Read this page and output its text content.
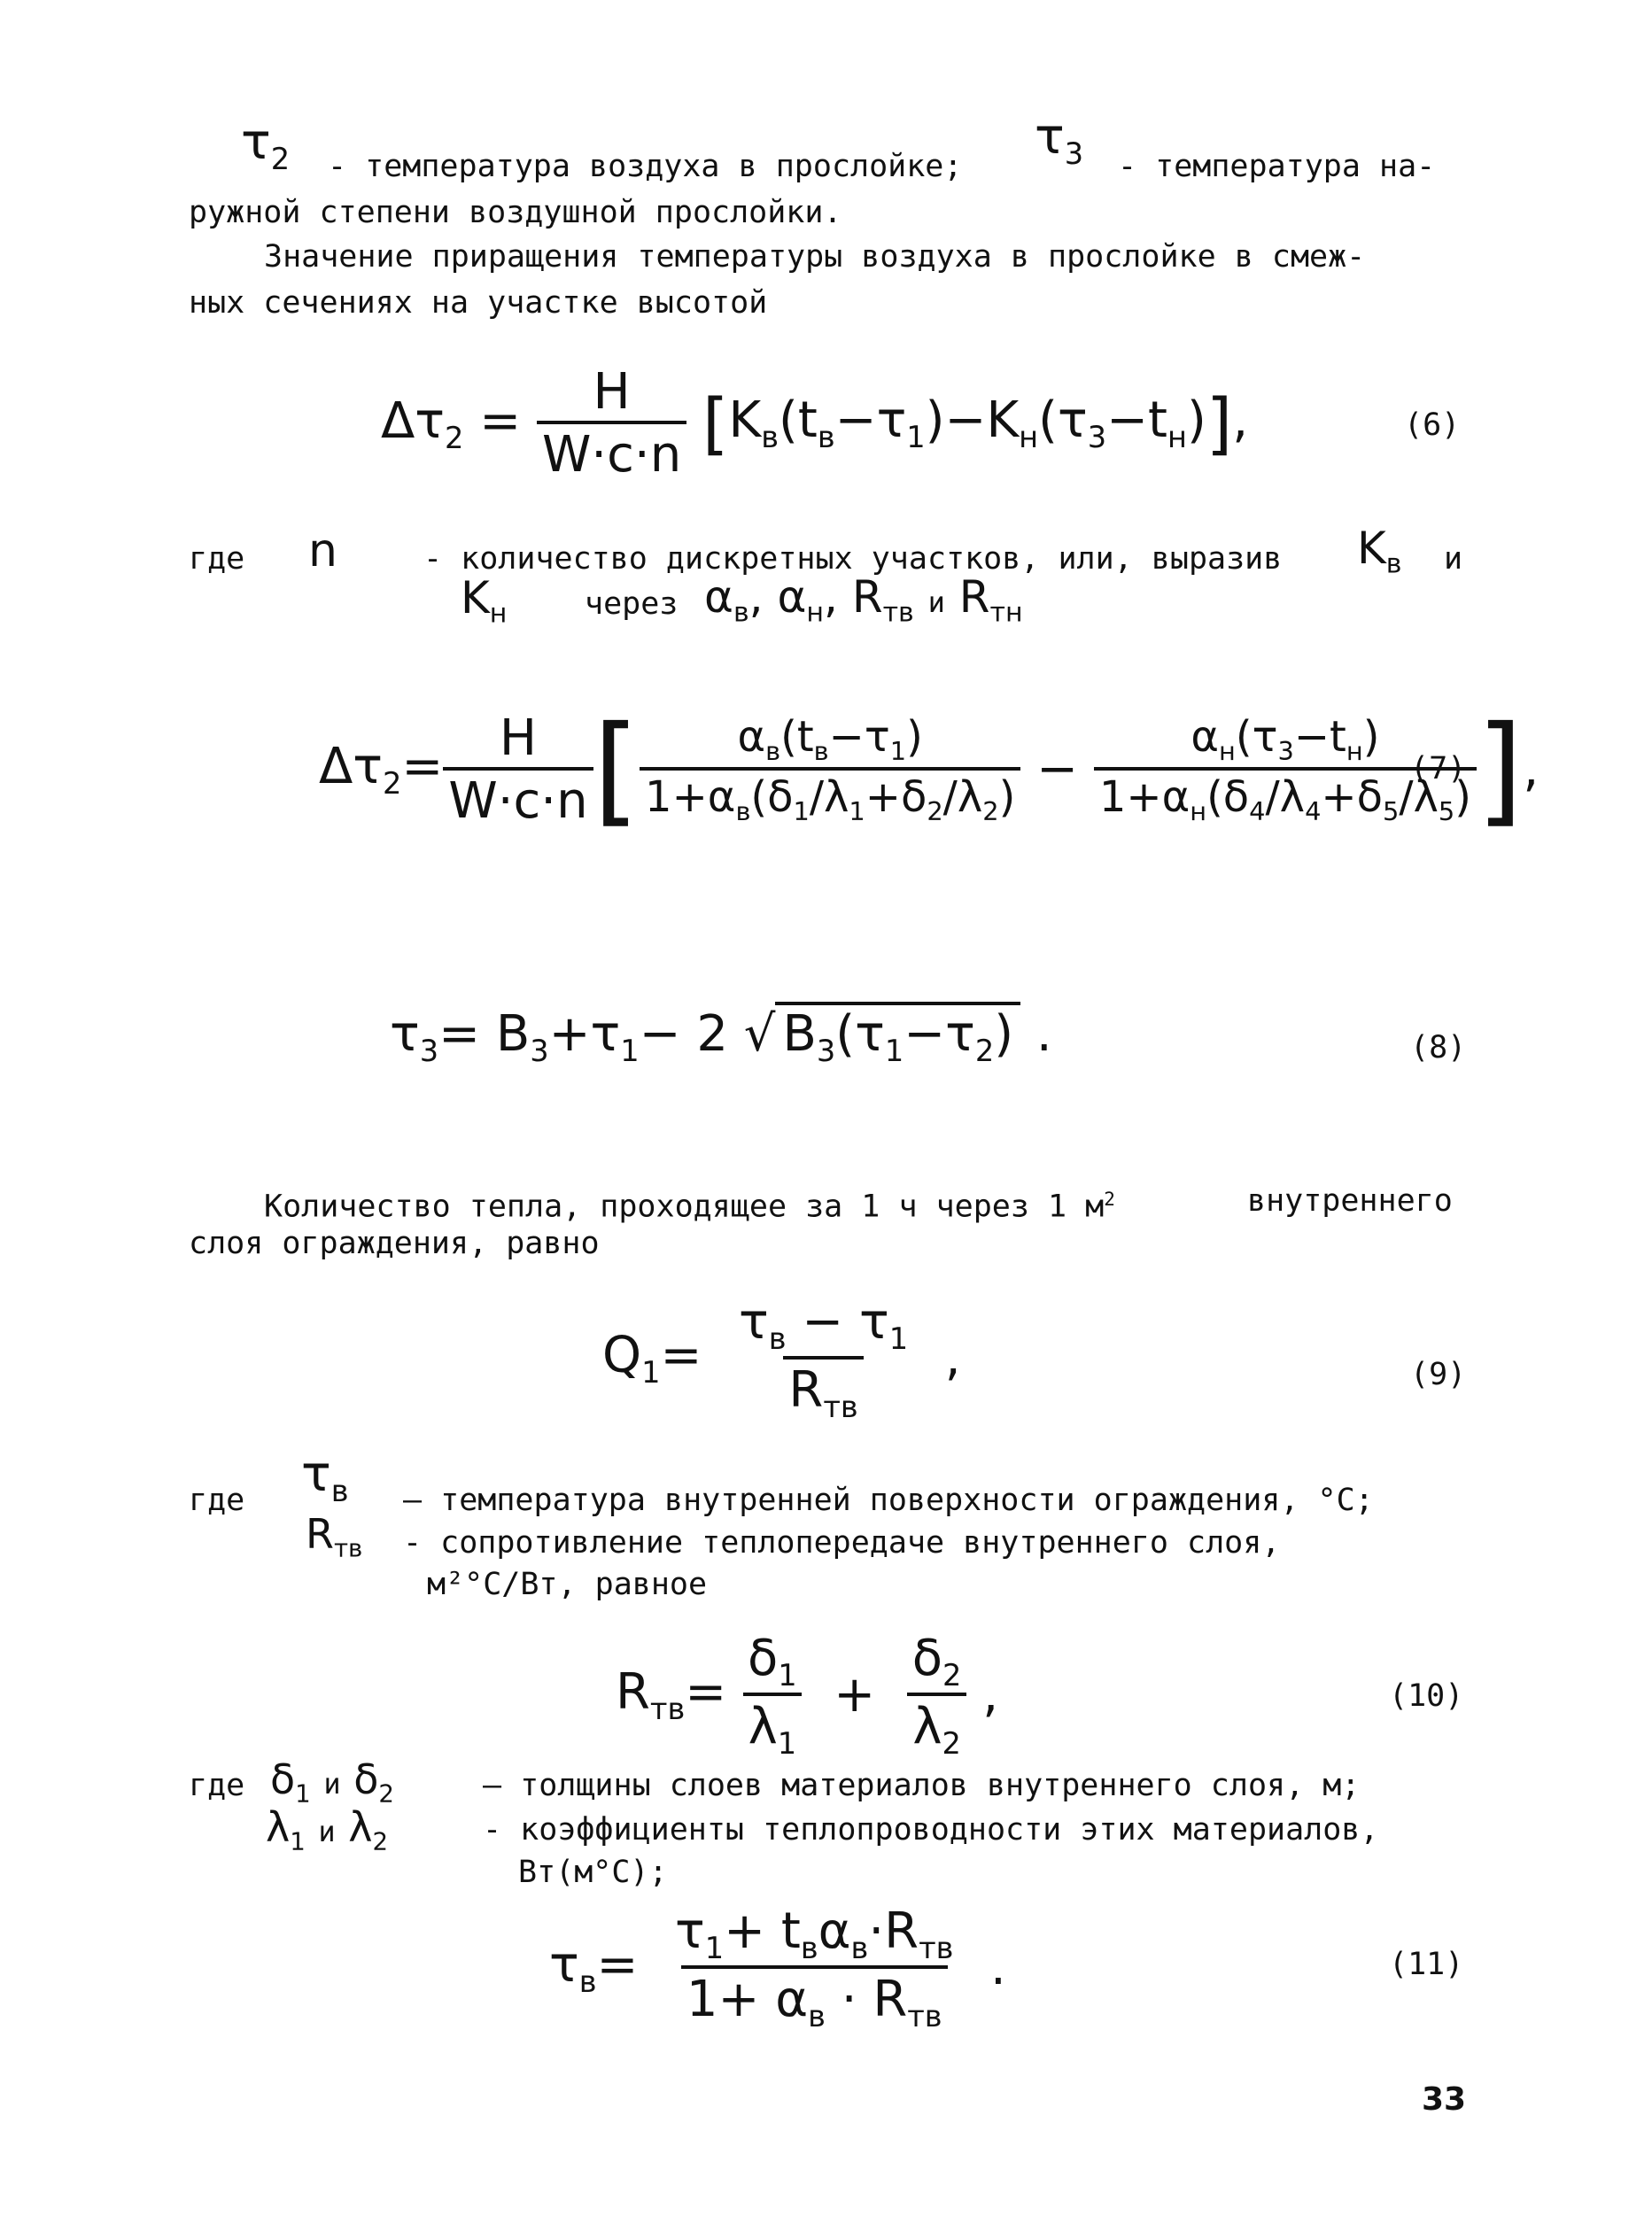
$\tau_2$ - температура воздуха в прослойке;
$\tau_3$ - температура на-
ружной степени воздушной прослойки.
Значение приращения температуры воздуха в прослойке в смеж-
ных сечениях на участке высотой
$\Delta\tau_2 = \frac{H}{W\cdot c\cdot n} [K_в(t_в-\tau_1)-K_н(\tau_3-t_н)]$,	(6)
где n	- количество дискретных участков, или, выразив $K_в$ и
$K_н$	через $\alpha_в$, $\alpha_н$, $R_{тв}$ и $R_{тн}$
$\Delta\tau_2= \frac{H}{W\cdot c\cdot n}$ [ $\frac{\alpha_в(t_в-\tau_1)}{1+\alpha_в(\delta_1/\lambda_1+\delta_2/\lambda_2)} - \frac{\alpha_н(\tau_3-t_н)}{1+\alpha_н(\delta_4/\lambda_4+\delta_5/\lambda_5)}$ ] ,
(7)
$\tau_3= B_3+\tau_1- 2$ √ $B_3(\tau_1-\tau_2)$ .	(8)
Количество тепла, проходящее за 1 ч через 1 $м^2$	внутреннего
слоя ограждения, равно
$Q_1= \frac{\tau_в - \tau_1}{R_{тв}}$ ,	(9)
где $\tau_в$ – температура внутренней поверхности ограждения, °C;
$R_{тв}$ - сопротивление теплопередаче внутреннего слоя,
м²°С/Вт, равное
$R_{тв}= \frac{\delta_1}{\lambda_1} + \frac{\delta_2}{\lambda_2}$ ,	(10)
где $\delta_1$ и $\delta_2$	– толщины слоев материалов внутреннего слоя, м;
$\lambda_1$ и $\lambda_2$	- коэффициенты теплопроводности этих материалов,
Вт(м°С);
$\tau_в= \frac{\tau_1+ t_в\alpha_в\cdot R_{тв}}{1+ \alpha_в \cdot R_{тв}}$ .	(11)
33
